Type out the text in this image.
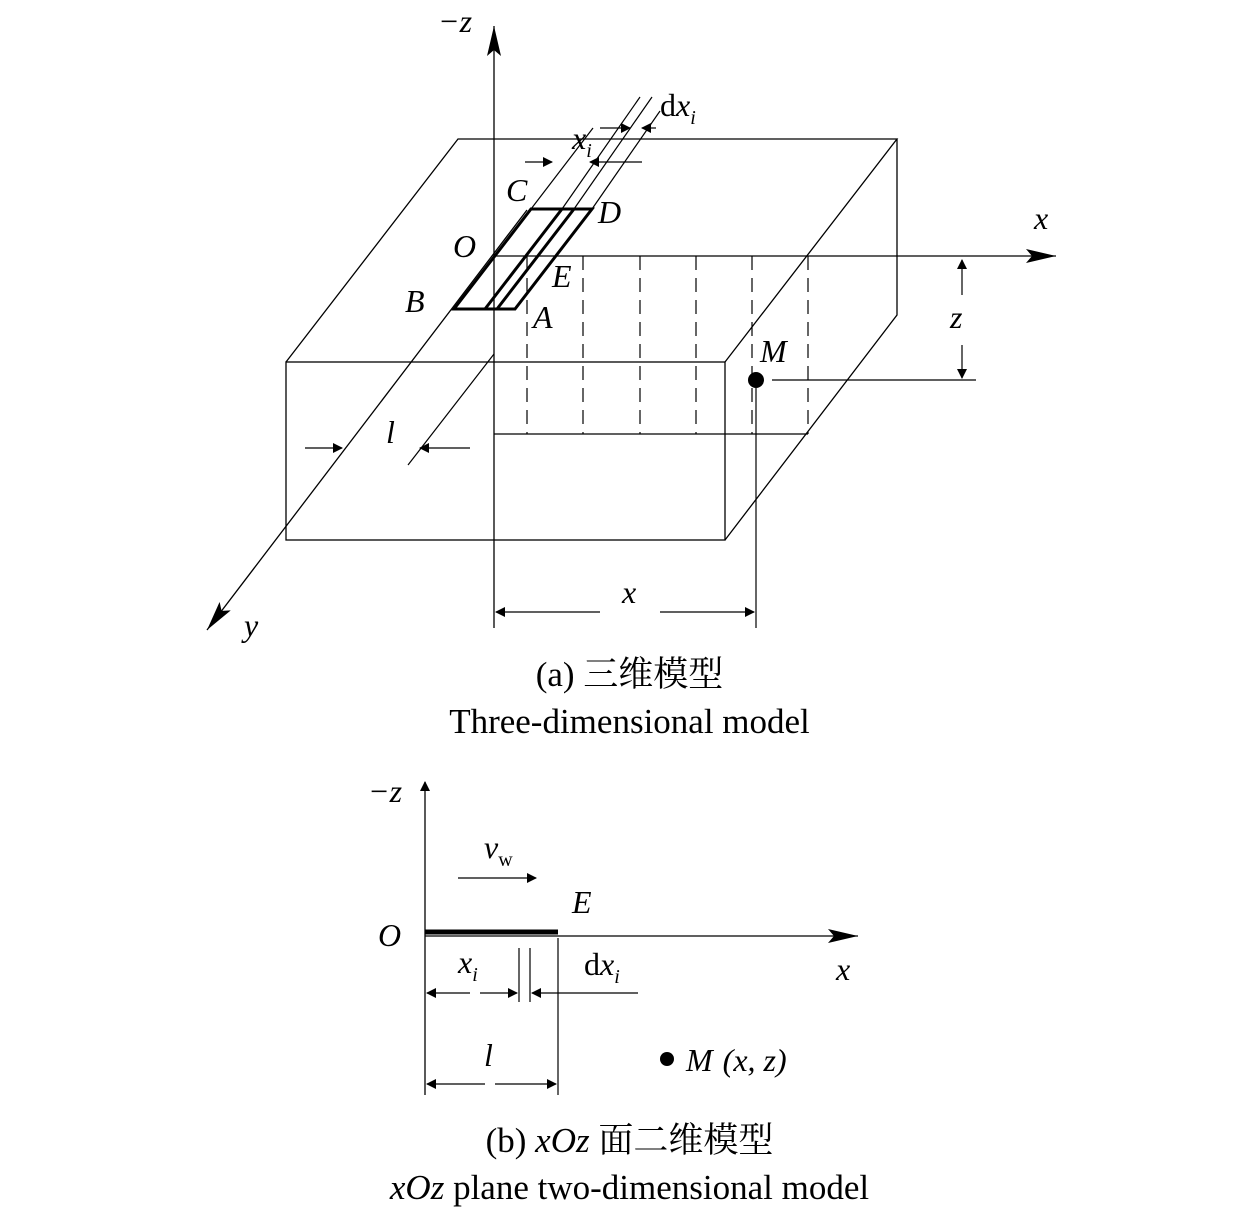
−z
x
y
O
B	A
C
D
E
M
z
l
x
$x_i$
$dx_i$
−z
$v_w$
E
O
x
$x_i$	$dx_i$
l	M (x, z)
(a) 三维模型
Three-dimensional model
(b) xOz 面二维模型
xOz plane two-dimensional model
